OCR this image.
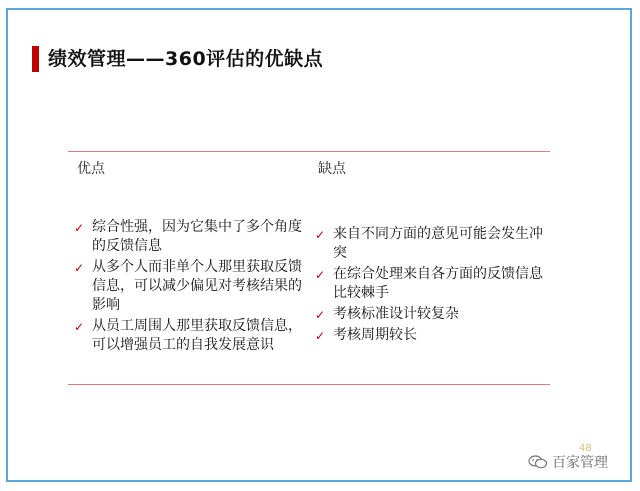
绩效管理——360评估的优缺点
优点	缺点
✓ 综合性强，因为它集中了多个角度的反馈信息
✓ 从多个人而非单个人那里获取反馈信息，可以减少偏见对考核结果的影响
✓ 从员工周围人那里获取反馈信息，可以增强员工的自我发展意识
✓ 来自不同方面的意见可能会发生冲突
✓ 在综合处理来自各方面的反馈信息比较棘手
✓ 考核标准设计较复杂
✓ 考核周期较长
48
百家管理
